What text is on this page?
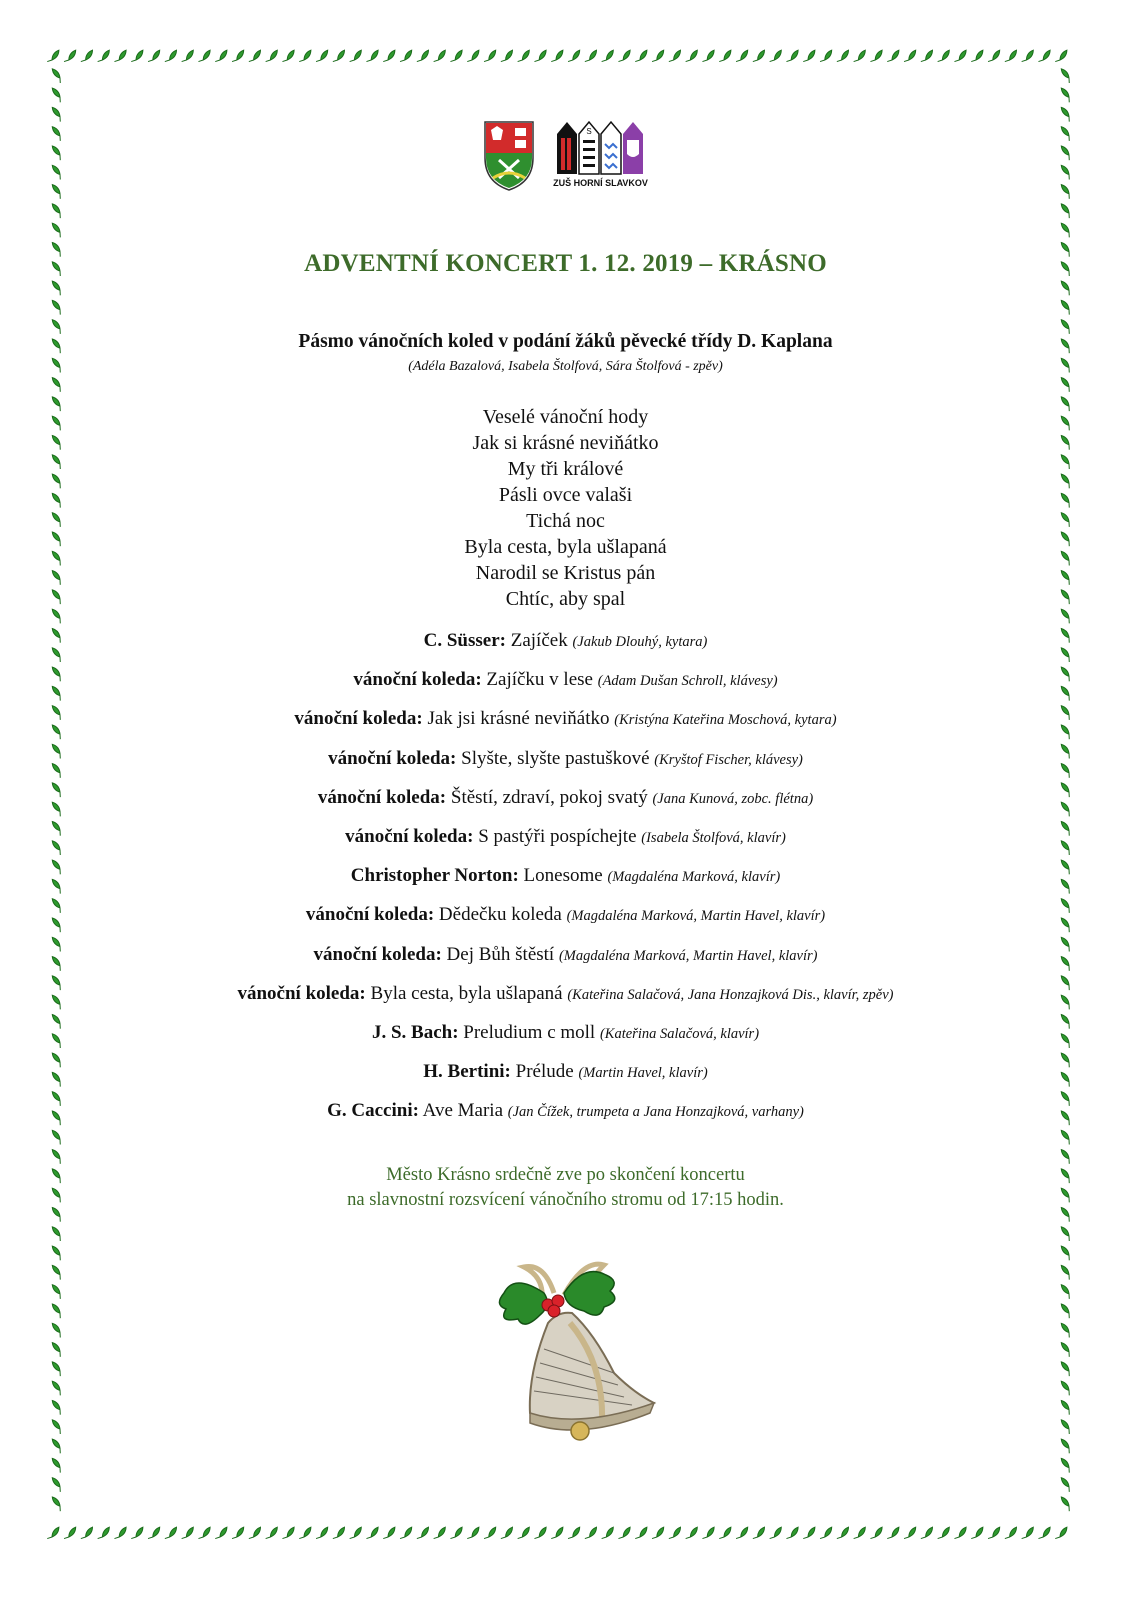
S
ZUŠ HORNÍ SLAVKOV
ADVENTNÍ KONCERT 1. 12. 2019 – KRÁSNO
Pásmo vánočních koled v podání žáků pěvecké třídy D. Kaplana
(Adéla Bazalová, Isabela Štolfová, Sára Štolfová - zpěv)
Veselé vánoční hody
Jak si krásné neviňátko
My tři králové
Pásli ovce valaši
Tichá noc
Byla cesta, byla ušlapaná
Narodil se Kristus pán
Chtíc, aby spal
C. Süsser: Zajíček (Jakub Dlouhý, kytara)
vánoční koleda: Zajíčku v lese (Adam Dušan Schroll, klávesy)
vánoční koleda: Jak jsi krásné neviňátko (Kristýna Kateřina Moschová, kytara)
vánoční koleda: Slyšte, slyšte pastuškové (Kryštof Fischer, klávesy)
vánoční koleda: Štěstí, zdraví, pokoj svatý (Jana Kunová, zobc. flétna)
vánoční koleda: S pastýři pospíchejte (Isabela Štolfová, klavír)
Christopher Norton: Lonesome (Magdaléna Marková, klavír)
vánoční koleda: Dědečku koleda (Magdaléna Marková, Martin Havel, klavír)
vánoční koleda: Dej Bůh štěstí (Magdaléna Marková, Martin Havel, klavír)
vánoční koleda: Byla cesta, byla ušlapaná (Kateřina Salačová, Jana Honzajková Dis., klavír, zpěv)
J. S. Bach: Preludium c moll (Kateřina Salačová, klavír)
H. Bertini: Prélude (Martin Havel, klavír)
G. Caccini: Ave Maria (Jan Čížek, trumpeta a Jana Honzajková, varhany)
Město Krásno srdečně zve po skončení koncertu
na slavnostní rozsvícení vánočního stromu od 17:15 hodin.
